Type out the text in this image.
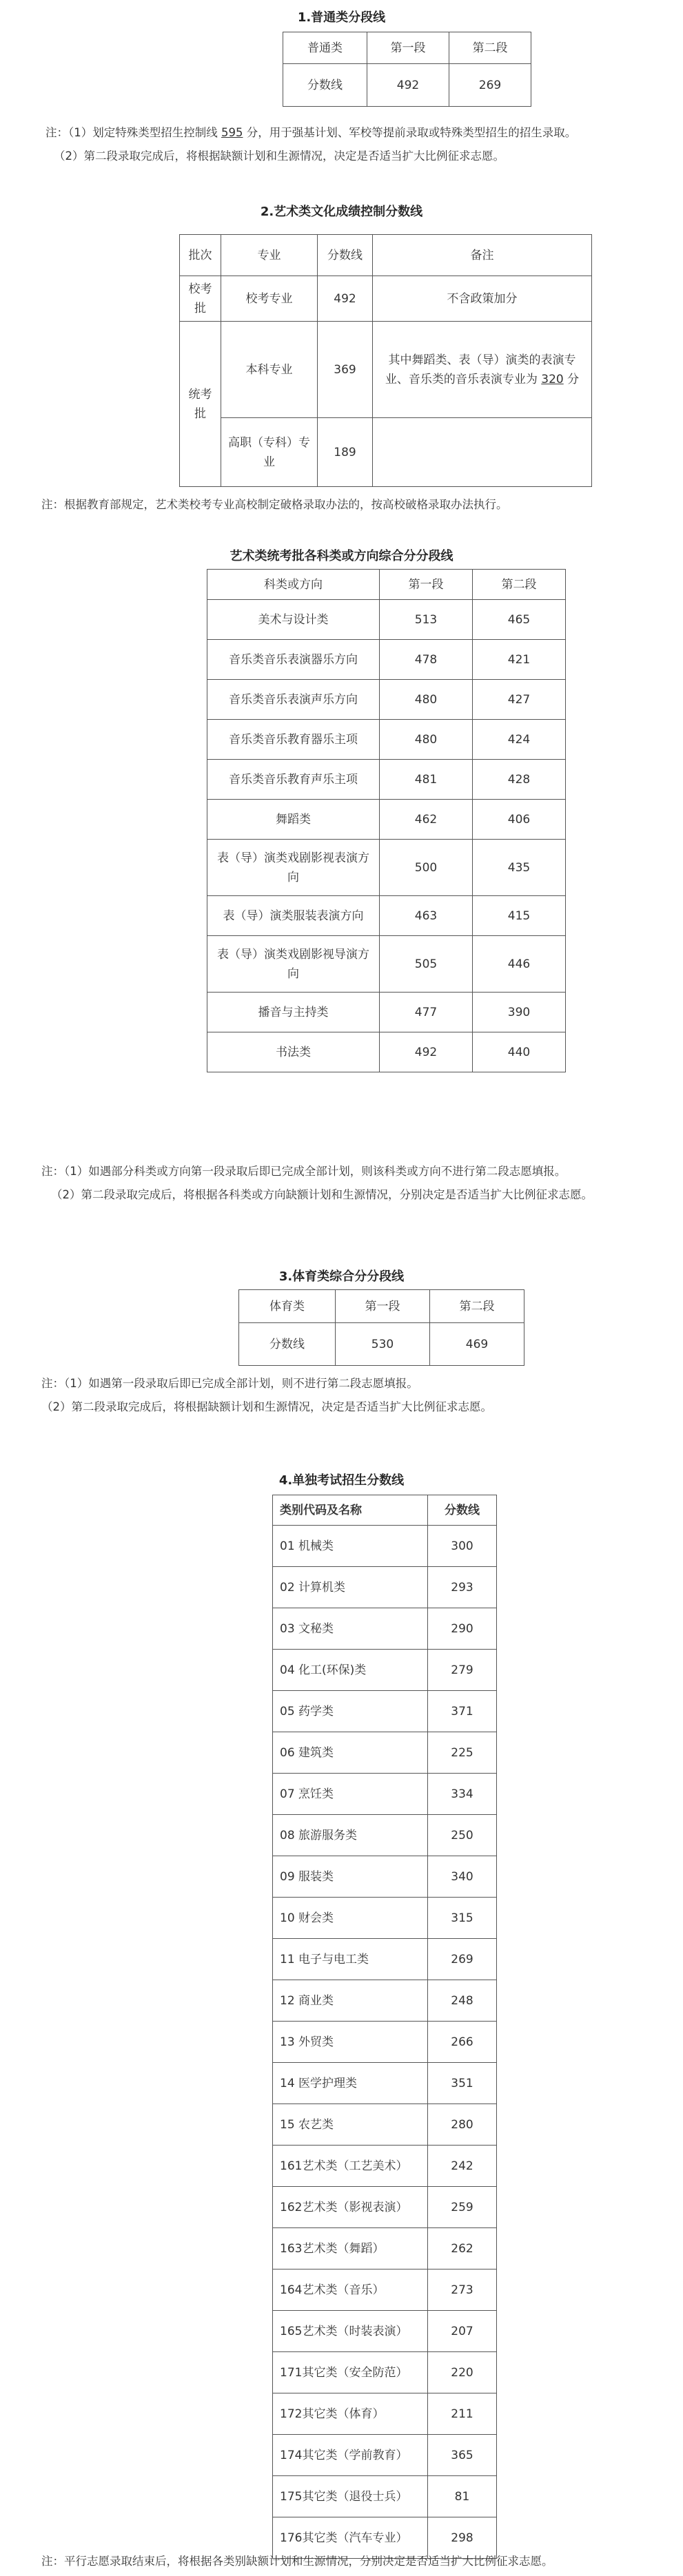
1.普通类分段线
普通类	第一段	第二段
分数线	492	269
注：（1）划定特殊类型招生控制线 595 分，用于强基计划、军校等提前录取或特殊类型招生的招生录取。
（2）第二段录取完成后，将根据缺额计划和生源情况，决定是否适当扩大比例征求志愿。
2.艺术类文化成绩控制分数线
批次	专业	分数线	备注
校考批	校考专业	492	不含政策加分
统考批	本科专业	369	其中舞蹈类、表（导）演类的表演专业、音乐类的音乐表演专业为 320 分
	高职（专科）专业	189	
注：根据教育部规定，艺术类校考专业高校制定破格录取办法的，按高校破格录取办法执行。
艺术类统考批各科类或方向综合分分段线
科类或方向	第一段	第二段
美术与设计类	513	465
音乐类音乐表演器乐方向	478	421
音乐类音乐表演声乐方向	480	427
音乐类音乐教育器乐主项	480	424
音乐类音乐教育声乐主项	481	428
舞蹈类	462	406
表（导）演类戏剧影视表演方向	500	435
表（导）演类服装表演方向	463	415
表（导）演类戏剧影视导演方向	505	446
播音与主持类	477	390
书法类	492	440
注：（1）如遇部分科类或方向第一段录取后即已完成全部计划，则该科类或方向不进行第二段志愿填报。
（2）第二段录取完成后，将根据各科类或方向缺额计划和生源情况，分别决定是否适当扩大比例征求志愿。
3.体育类综合分分段线
体育类	第一段	第二段
分数线	530	469
注：（1）如遇第一段录取后即已完成全部计划，则不进行第二段志愿填报。
（2）第二段录取完成后，将根据缺额计划和生源情况，决定是否适当扩大比例征求志愿。
4.单独考试招生分数线
类别代码及名称	分数线
01 机械类	300
02 计算机类	293
03 文秘类	290
04 化工(环保)类	279
05 药学类	371
06 建筑类	225
07 烹饪类	334
08 旅游服务类	250
09 服装类	340
10 财会类	315
11 电子与电工类	269
12 商业类	248
13 外贸类	266
14 医学护理类	351
15 农艺类	280
161艺术类（工艺美术）	242
162艺术类（影视表演）	259
163艺术类（舞蹈）	262
164艺术类（音乐）	273
165艺术类（时装表演）	207
171其它类（安全防范）	220
172其它类（体育）	211
174其它类（学前教育）	365
175其它类（退役士兵）	81
176其它类（汽车专业）	298
注：平行志愿录取结束后，将根据各类别缺额计划和生源情况，分别决定是否适当扩大比例征求志愿。
